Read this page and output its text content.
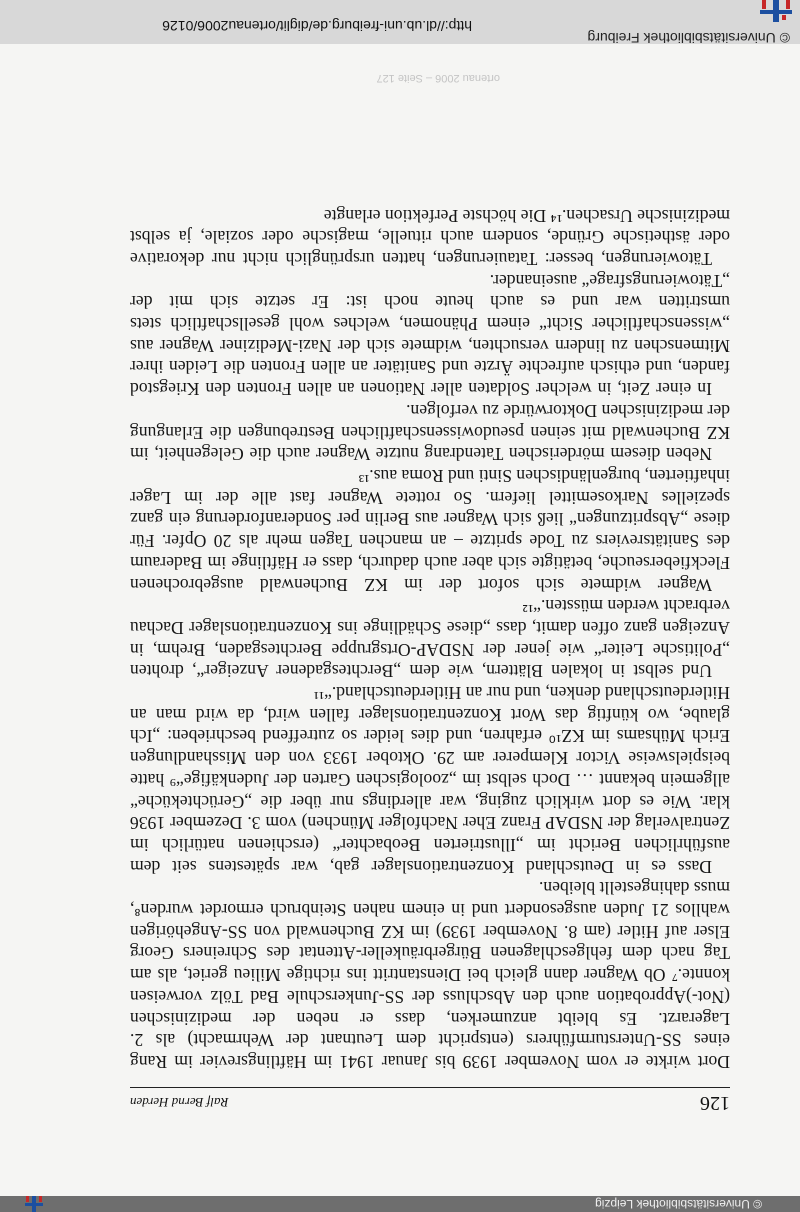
© Universitätsbibliothek Leipzig
126
Ralf Bernd Herden

Dort wirkte er vom November 1939 bis Januar 1941 im Häftlingsrevier im Rang eines SS-Untersturmführers (entspricht dem Leutnant der Wehrmacht) als 2. Lagerarzt. Es bleibt anzumerken, dass er neben der medizinischen (Not-)Approbation auch den Abschluss der SS-Junkerschule Bad Tölz vorweisen konnte.⁷ Ob Wagner dann gleich bei Dienstantritt ins richtige Milieu geriet, als am Tag nach dem fehlgeschlagenen Bürgerbräukeller-Attentat des Schreiners Georg Elser auf Hitler (am 8. November 1939) im KZ Buchenwald von SS-Angehörigen wahllos 21 Juden ausgesondert und in einem nahen Steinbruch ermordet wurden⁸, muss dahingestellt bleiben.

Dass es in Deutschland Konzentrationslager gab, war spätestens seit dem ausführlichen Bericht im „Illustrierten Beobachter“ (erschienen natürlich im Zentralverlag der NSDAP Franz Eher Nachfolger München) vom 3. Dezember 1936 klar. Wie es dort wirklich zuging, war allerdings nur über die „Gerüchteküche“ allgemein bekannt … Doch selbst im „zoologischen Garten der Judenkäfige“⁹ hatte beispielsweise Victor Klemperer am 29. Oktober 1933 von den Misshandlungen Erich Mühsams im KZ¹⁰ erfahren, und dies leider so zutreffend beschrieben: „Ich glaube, wo künftig das Wort Konzentrationslager fallen wird, da wird man an Hitlerdeutschland denken, und nur an Hitlerdeutschland.“¹¹

Und selbst in lokalen Blättern, wie dem „Berchtesgadener Anzeiger“, drohten „Politische Leiter“ wie jener der NSDAP-Ortsgruppe Berchtesgaden, Brehm, in Anzeigen ganz offen damit, dass „diese Schädlinge ins Konzentrationslager Dachau verbracht werden müssten.“¹²

Wagner widmete sich sofort der im KZ Buchenwald ausgebrochenen Fleckfieberseuche, betätigte sich aber auch dadurch, dass er Häftlinge im Baderaum des Sanitätsreviers zu Tode spritzte – an manchen Tagen mehr als 20 Opfer. Für diese „Abspritzungen“ ließ sich Wagner aus Berlin per Sonderanforderung ein ganz spezielles Narkosemittel liefern. So rottete Wagner fast alle der im Lager inhaftierten, burgenländischen Sinti und Roma aus.¹³

Neben diesem mörderischen Tatendrang nutzte Wagner auch die Gelegenheit, im KZ Buchenwald mit seinen pseudowissenschaftlichen Bestrebungen die Erlangung der medizinischen Doktorwürde zu verfolgen.

In einer Zeit, in welcher Soldaten aller Nationen an allen Fronten den Kriegstod fanden, und ethisch aufrechte Ärzte und Sanitäter an allen Fronten die Leiden ihrer Mitmenschen zu lindern versuchten, widmete sich der Nazi-Mediziner Wagner aus „wissenschaftlicher Sicht“ einem Phänomen, welches wohl gesellschaftlich stets umstritten war und es auch heute noch ist: Er setzte sich mit der „Tätowierungsfrage“ auseinander.

Tätowierungen, besser: Tatauierungen, hatten ursprünglich nicht nur dekorative oder ästhetische Gründe, sondern auch rituelle, magische oder soziale, ja selbst medizinische Ursachen.¹⁴ Die höchste Perfektion erlangte

ortenau 2006 – Seite 127
© Universitätsbibliothek Freiburg
http://dl.ub.uni-freiburg.de/diglit/ortenau2006/0126
